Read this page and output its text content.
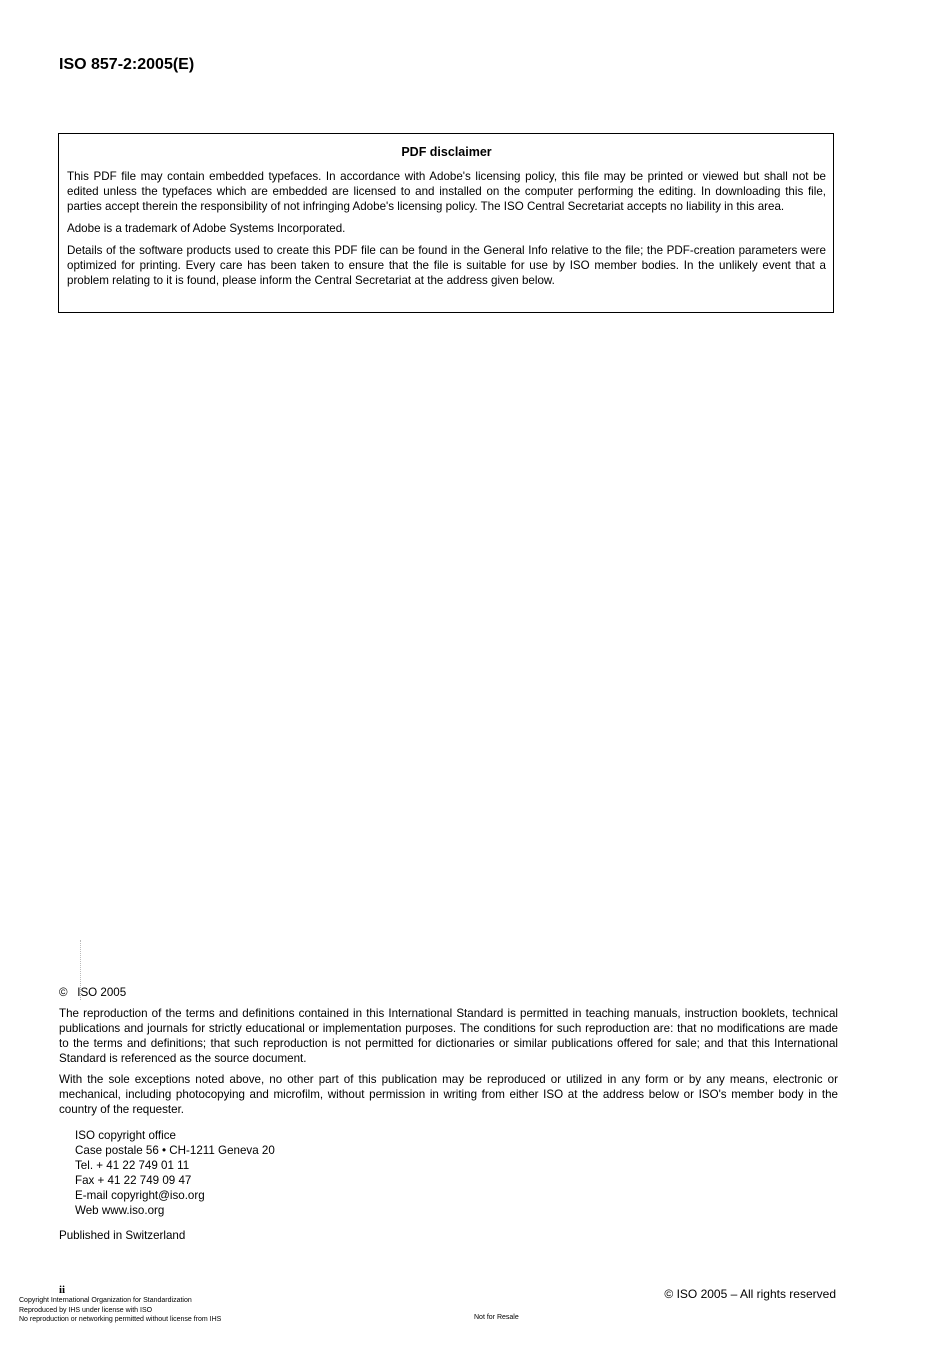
ISO 857-2:2005(E)
PDF disclaimer

This PDF file may contain embedded typefaces. In accordance with Adobe's licensing policy, this file may be printed or viewed but shall not be edited unless the typefaces which are embedded are licensed to and installed on the computer performing the editing. In downloading this file, parties accept therein the responsibility of not infringing Adobe's licensing policy. The ISO Central Secretariat accepts no liability in this area.

Adobe is a trademark of Adobe Systems Incorporated.

Details of the software products used to create this PDF file can be found in the General Info relative to the file; the PDF-creation parameters were optimized for printing. Every care has been taken to ensure that the file is suitable for use by ISO member bodies. In the unlikely event that a problem relating to it is found, please inform the Central Secretariat at the address given below.

© ISO 2005

The reproduction of the terms and definitions contained in this International Standard is permitted in teaching manuals, instruction booklets, technical publications and journals for strictly educational or implementation purposes. The conditions for such reproduction are: that no modifications are made to the terms and definitions; that such reproduction is not permitted for dictionaries or similar publications offered for sale; and that this International Standard is referenced as the source document.

With the sole exceptions noted above, no other part of this publication may be reproduced or utilized in any form or by any means, electronic or mechanical, including photocopying and microfilm, without permission in writing from either ISO at the address below or ISO's member body in the country of the requester.

ISO copyright office
Case postale 56 • CH-1211 Geneva 20
Tel. + 41 22 749 01 11
Fax + 41 22 749 09 47
E-mail copyright@iso.org
Web www.iso.org
Published in Switzerland
ii	© ISO 2005 – All rights reserved
Copyright International Organization for Standardization
Reproduced by IHS under license with ISO
No reproduction or networking permitted without license from IHS	Not for Resale
